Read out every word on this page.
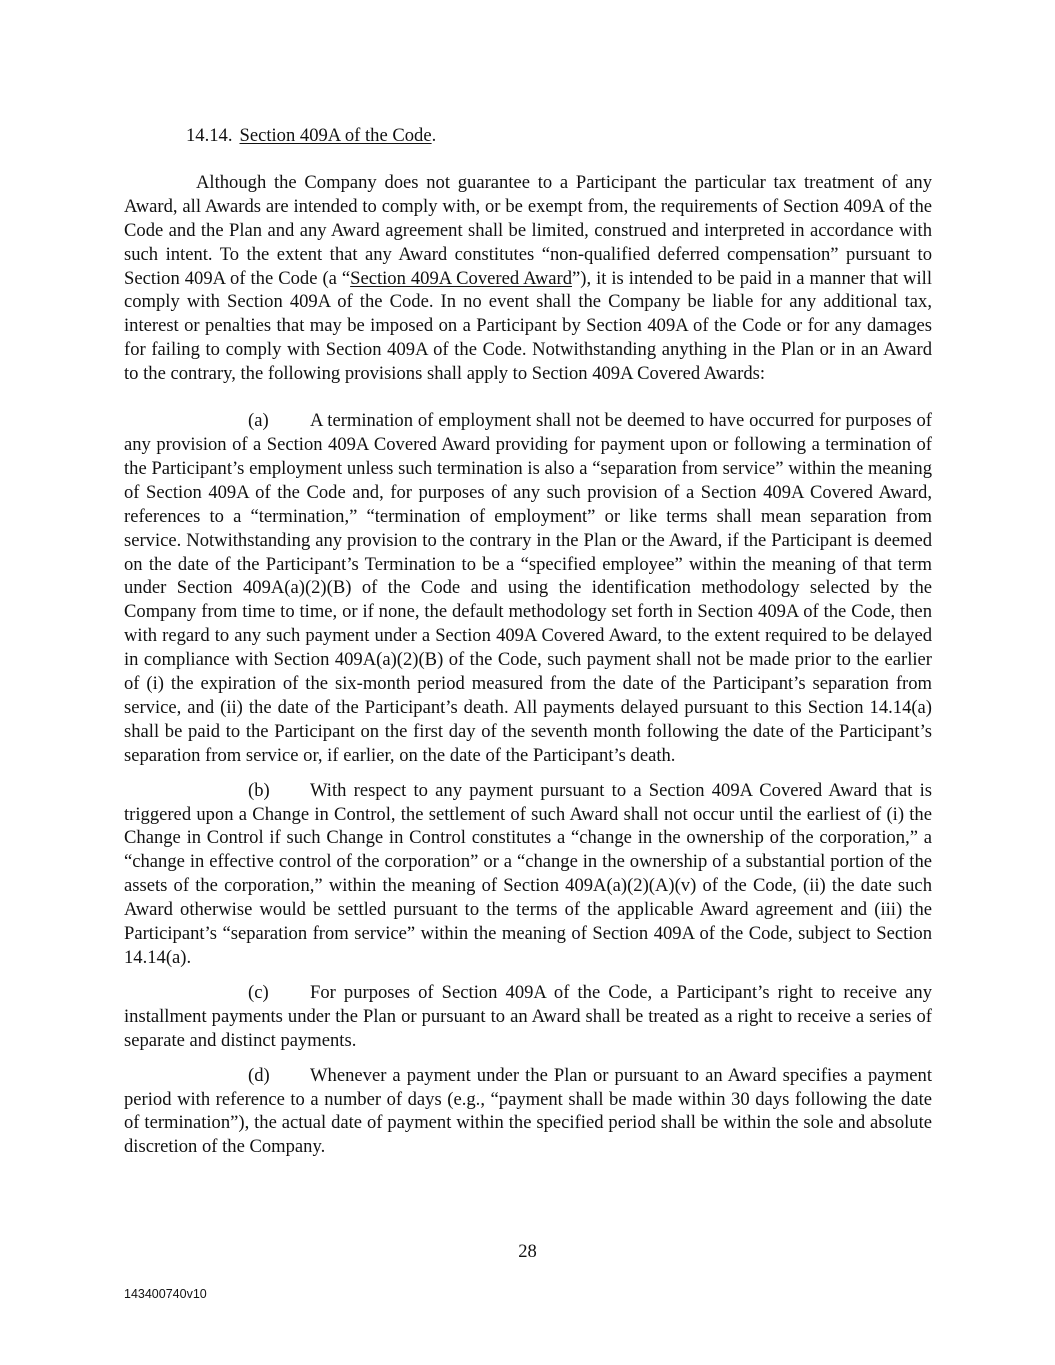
14.14. Section 409A of the Code.

Although the Company does not guarantee to a Participant the particular tax treatment of any Award, all Awards are intended to comply with, or be exempt from, the requirements of Section 409A of the Code and the Plan and any Award agreement shall be limited, construed and interpreted in accordance with such intent. To the extent that any Award constitutes “non-qualified deferred compensation” pursuant to Section 409A of the Code (a “Section 409A Covered Award”), it is intended to be paid in a manner that will comply with Section 409A of the Code. In no event shall the Company be liable for any additional tax, interest or penalties that may be imposed on a Participant by Section 409A of the Code or for any damages for failing to comply with Section 409A of the Code. Notwithstanding anything in the Plan or in an Award to the contrary, the following provisions shall apply to Section 409A Covered Awards:

(a) A termination of employment shall not be deemed to have occurred for purposes of any provision of a Section 409A Covered Award providing for payment upon or following a termination of the Participant’s employment unless such termination is also a “separation from service” within the meaning of Section 409A of the Code and, for purposes of any such provision of a Section 409A Covered Award, references to a “termination,” “termination of employment” or like terms shall mean separation from service. Notwithstanding any provision to the contrary in the Plan or the Award, if the Participant is deemed on the date of the Participant’s Termination to be a “specified employee” within the meaning of that term under Section 409A(a)(2)(B) of the Code and using the identification methodology selected by the Company from time to time, or if none, the default methodology set forth in Section 409A of the Code, then with regard to any such payment under a Section 409A Covered Award, to the extent required to be delayed in compliance with Section 409A(a)(2)(B) of the Code, such payment shall not be made prior to the earlier of (i) the expiration of the six-month period measured from the date of the Participant’s separation from service, and (ii) the date of the Participant’s death. All payments delayed pursuant to this Section 14.14(a) shall be paid to the Participant on the first day of the seventh month following the date of the Participant’s separation from service or, if earlier, on the date of the Participant’s death.

(b) With respect to any payment pursuant to a Section 409A Covered Award that is triggered upon a Change in Control, the settlement of such Award shall not occur until the earliest of (i) the Change in Control if such Change in Control constitutes a “change in the ownership of the corporation,” a “change in effective control of the corporation” or a “change in the ownership of a substantial portion of the assets of the corporation,” within the meaning of Section 409A(a)(2)(A)(v) of the Code, (ii) the date such Award otherwise would be settled pursuant to the terms of the applicable Award agreement and (iii) the Participant’s “separation from service” within the meaning of Section 409A of the Code, subject to Section 14.14(a).

(c) For purposes of Section 409A of the Code, a Participant’s right to receive any installment payments under the Plan or pursuant to an Award shall be treated as a right to receive a series of separate and distinct payments.

(d) Whenever a payment under the Plan or pursuant to an Award specifies a payment period with reference to a number of days (e.g., “payment shall be made within 30 days following the date of termination”), the actual date of payment within the specified period shall be within the sole and absolute discretion of the Company.

28
143400740v10
